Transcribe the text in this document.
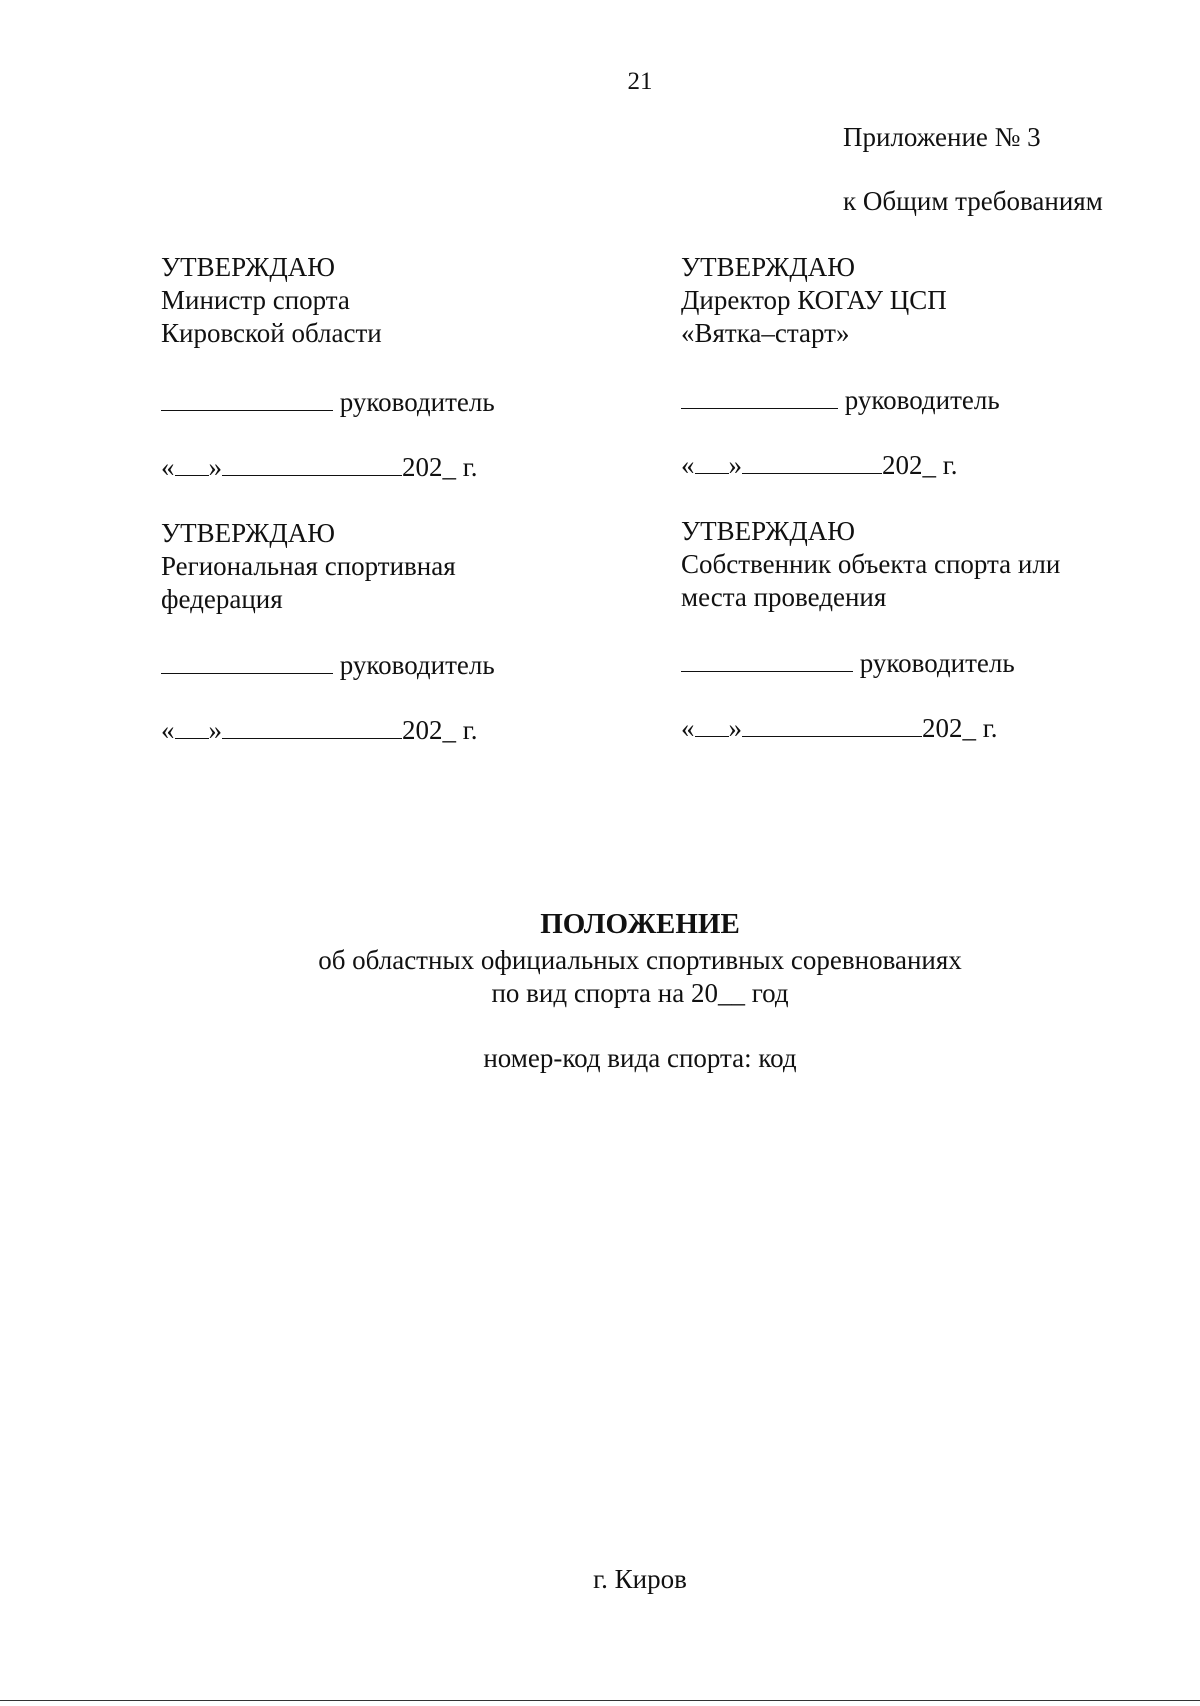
21
Приложение № 3
к Общим требованиям
УТВЕРЖДАЮ
Министр спорта
Кировской области
руководитель
« »	202_ г.
УТВЕРЖДАЮ
Директор КОГАУ ЦСП
«Вятка–старт»
руководитель
« »	202_ г.
УТВЕРЖДАЮ
Региональная спортивная
федерация
руководитель
« »	202_ г.
УТВЕРЖДАЮ
Собственник объекта спорта или
места проведения
руководитель
« »	202_ г.
ПОЛОЖЕНИЕ
об областных официальных спортивных соревнованиях
по вид спорта на 20__ год
номер-код вида спорта: код
г. Киров
